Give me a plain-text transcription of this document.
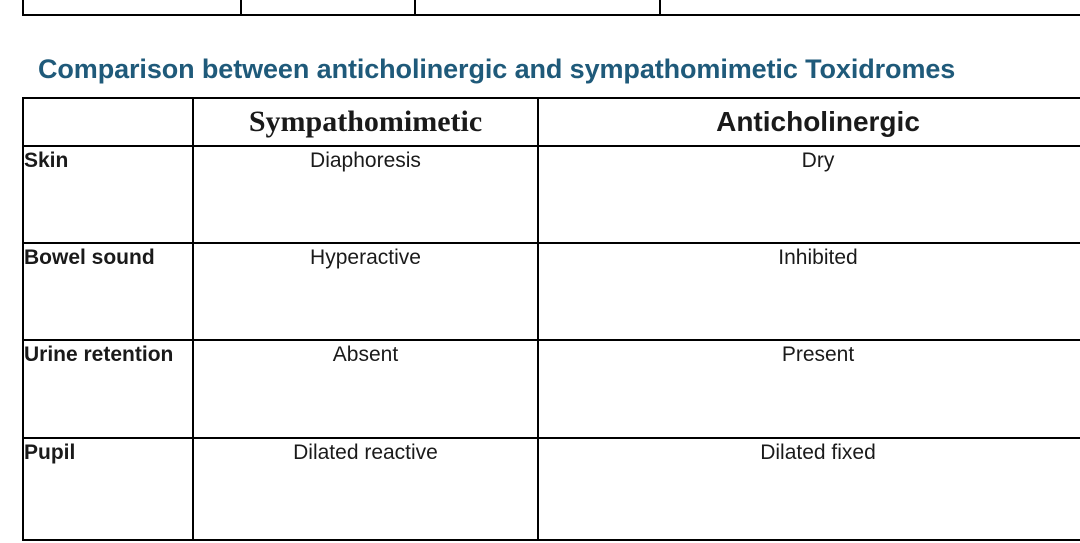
Comparison between anticholinergic and sympathomimetic Toxidromes
	Sympathomimetic	Anticholinergic
Skin	Diaphoresis	Dry
Bowel sound	Hyperactive	Inhibited
Urine retention	Absent	Present
Pupil	Dilated reactive	Dilated fixed
